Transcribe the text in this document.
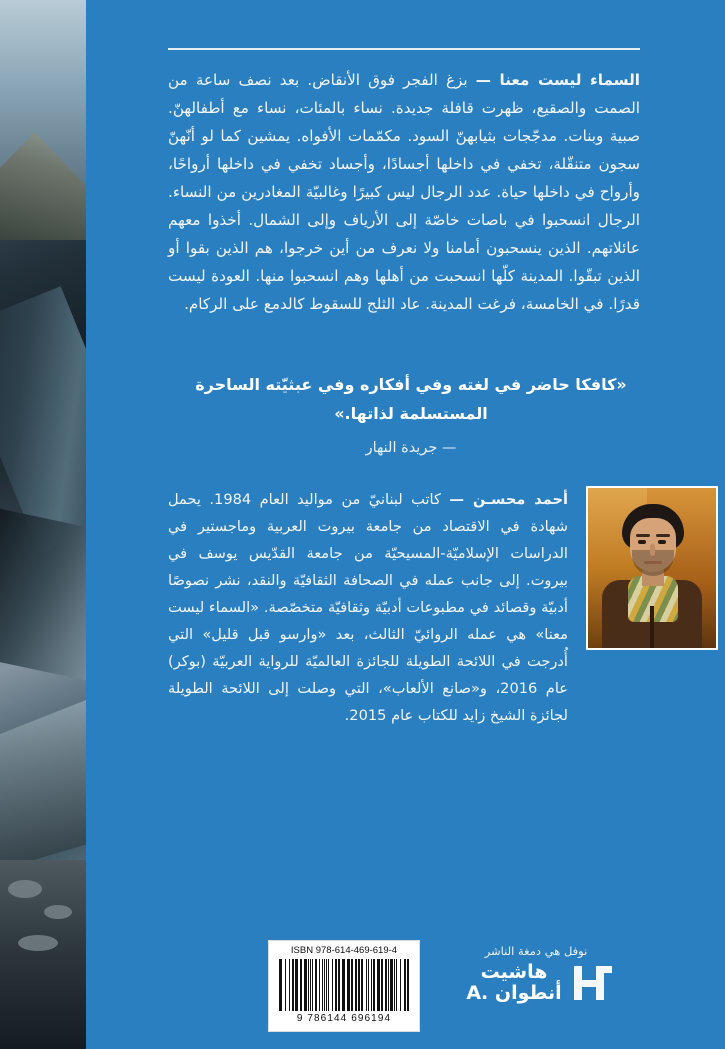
السماء ليست معنا — بزغ الفجر فوق الأنقاض. بعد نصف ساعة من الصمت والصقيع، ظهرت قافلة جديدة. نساء بالمئات، نساء مع أطفالهنّ. صبية وبنات. مدجّجات بثيابهنّ السود. مكمّمات الأفواه. يمشين كما لو أنّهنّ سجون متنقّلة، تخفي في داخلها أجسادًا، وأجساد تخفي في داخلها أرواحًا، وأرواح في داخلها حياة. عدد الرجال ليس كبيرًا وغالبيّة المغادرين من النساء. الرجال انسحبوا في باصات خاصّة إلى الأرياف وإلى الشمال. أخذوا معهم عائلاتهم. الذين ينسحبون أمامنا ولا نعرف من أين خرجوا، هم الذين بقوا أو الذين تبقّوا. المدينة كلّها انسحبت من أهلها وهم انسحبوا منها. العودة ليست قدرًا. في الخامسة، فرغت المدينة. عاد الثلج للسقوط كالدمع على الركام.
«كافكا حاضر في لغته وفي أفكاره وفي عبثيّته الساحرة المستسلمة لذاتها.»
— جريدة النهار
أحمد محسـن — كاتب لبنانيّ من مواليد العام 1984. يحمل شهادة في الاقتصاد من جامعة بيروت العربية وماجستير في الدراسات الإسلاميّة-المسيحيّة من جامعة القدّيس يوسف في بيروت. إلى جانب عمله في الصحافة الثقافيّة والنقد، نشر نصوصًا أدبيّة وقصائد في مطبوعات أدبيّة وثقافيّة متخصّصة. «السماء ليست معنا» هي عمله الروائيّ الثالث، بعد «وارسو قبل قليل» التي أُدرجت في اللائحة الطويلة للجائزة العالميّة للرواية العربيّة (بوكر) عام 2016، و«صانع الألعاب»، التي وصلت إلى اللائحة الطويلة لجائزة الشيخ زايد للكتاب عام 2015.
ISBN 978-614-469-619-4
9 786144 696194
نوفل هي دمغة الناشر
هاشيت
أنطوان .A
